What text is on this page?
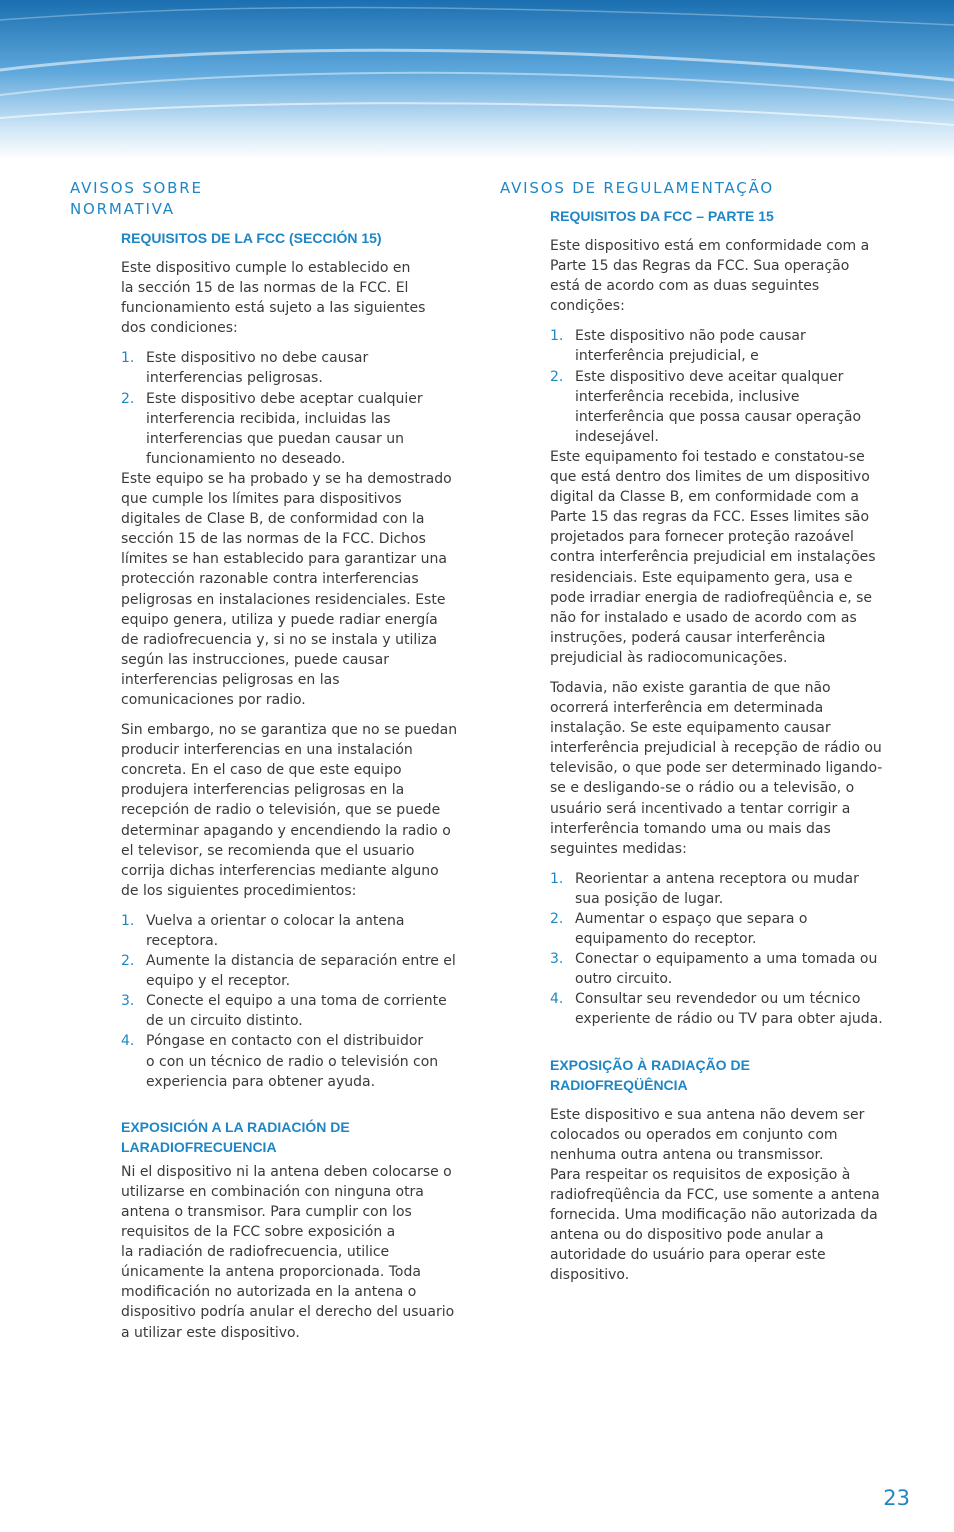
AVISOS SOBRE
NORMATIVA
REQUISITOS DE LA FCC (SECCIÓN 15)

Este dispositivo cumple lo establecido en
la sección 15 de las normas de la FCC. El
funcionamiento está sujeto a las siguientes
dos condiciones:

1. Este dispositivo no debe causar
interferencias peligrosas.
2. Este dispositivo debe aceptar cualquier
interferencia recibida, incluidas las
interferencias que puedan causar un
funcionamiento no deseado.

Este equipo se ha probado y se ha demostrado
que cumple los límites para dispositivos
digitales de Clase B, de conformidad con la
sección 15 de las normas de la FCC. Dichos
límites se han establecido para garantizar una
protección razonable contra interferencias
peligrosas en instalaciones residenciales. Este
equipo genera, utiliza y puede radiar energía
de radiofrecuencia y, si no se instala y utiliza
según las instrucciones, puede causar
interferencias peligrosas en las
comunicaciones por radio.

Sin embargo, no se garantiza que no se puedan
producir interferencias en una instalación
concreta. En el caso de que este equipo
produjera interferencias peligrosas en la
recepción de radio o televisión, que se puede
determinar apagando y encendiendo la radio o
el televisor, se recomienda que el usuario
corrija dichas interferencias mediante alguno
de los siguientes procedimientos:

1. Vuelva a orientar o colocar la antena
receptora.
2. Aumente la distancia de separación entre el
equipo y el receptor.
3. Conecte el equipo a una toma de corriente
de un circuito distinto.
4. Póngase en contacto con el distribuidor
o con un técnico de radio o televisión con
experiencia para obtener ayuda.
EXPOSICIÓN A LA RADIACIÓN DE
LARADIOFRECUENCIA

Ni el dispositivo ni la antena deben colocarse o
utilizarse en combinación con ninguna otra
antena o transmisor. Para cumplir con los
requisitos de la FCC sobre exposición a
la radiación de radiofrecuencia, utilice
únicamente la antena proporcionada. Toda
modificación no autorizada en la antena o
dispositivo podría anular el derecho del usuario
a utilizar este dispositivo.

AVISOS DE REGULAMENTAÇÃO
REQUISITOS DA FCC – PARTE 15

Este dispositivo está em conformidade com a
Parte 15 das Regras da FCC. Sua operação
está de acordo com as duas seguintes
condições:

1. Este dispositivo não pode causar
interferência prejudicial, e
2. Este dispositivo deve aceitar qualquer
interferência recebida, inclusive
interferência que possa causar operação
indesejável.

Este equipamento foi testado e constatou-se
que está dentro dos limites de um dispositivo
digital da Classe B, em conformidade com a
Parte 15 das regras da FCC. Esses limites são
projetados para fornecer proteção razoável
contra interferência prejudicial em instalações
residenciais. Este equipamento gera, usa e
pode irradiar energia de radiofreqüência e, se
não for instalado e usado de acordo com as
instruções, poderá causar interferência
prejudicial às radiocomunicações.

Todavia, não existe garantia de que não
ocorrerá interferência em determinada
instalação. Se este equipamento causar
interferência prejudicial à recepção de rádio ou
televisão, o que pode ser determinado ligando-
se e desligando-se o rádio ou a televisão, o
usuário será incentivado a tentar corrigir a
interferência tomando uma ou mais das
seguintes medidas:

1. Reorientar a antena receptora ou mudar
sua posição de lugar.
2. Aumentar o espaço que separa o
equipamento do receptor.
3. Conectar o equipamento a uma tomada ou
outro circuito.
4. Consultar seu revendedor ou um técnico
experiente de rádio ou TV para obter ajuda.
EXPOSIÇÃO À RADIAÇÃO DE
RADIOFREQÜÊNCIA

Este dispositivo e sua antena não devem ser
colocados ou operados em conjunto com
nenhuma outra antena ou transmissor.
Para respeitar os requisitos de exposição à
radiofreqüência da FCC, use somente a antena
fornecida. Uma modificação não autorizada da
antena ou do dispositivo pode anular a
autoridade do usuário para operar este
dispositivo.

23
